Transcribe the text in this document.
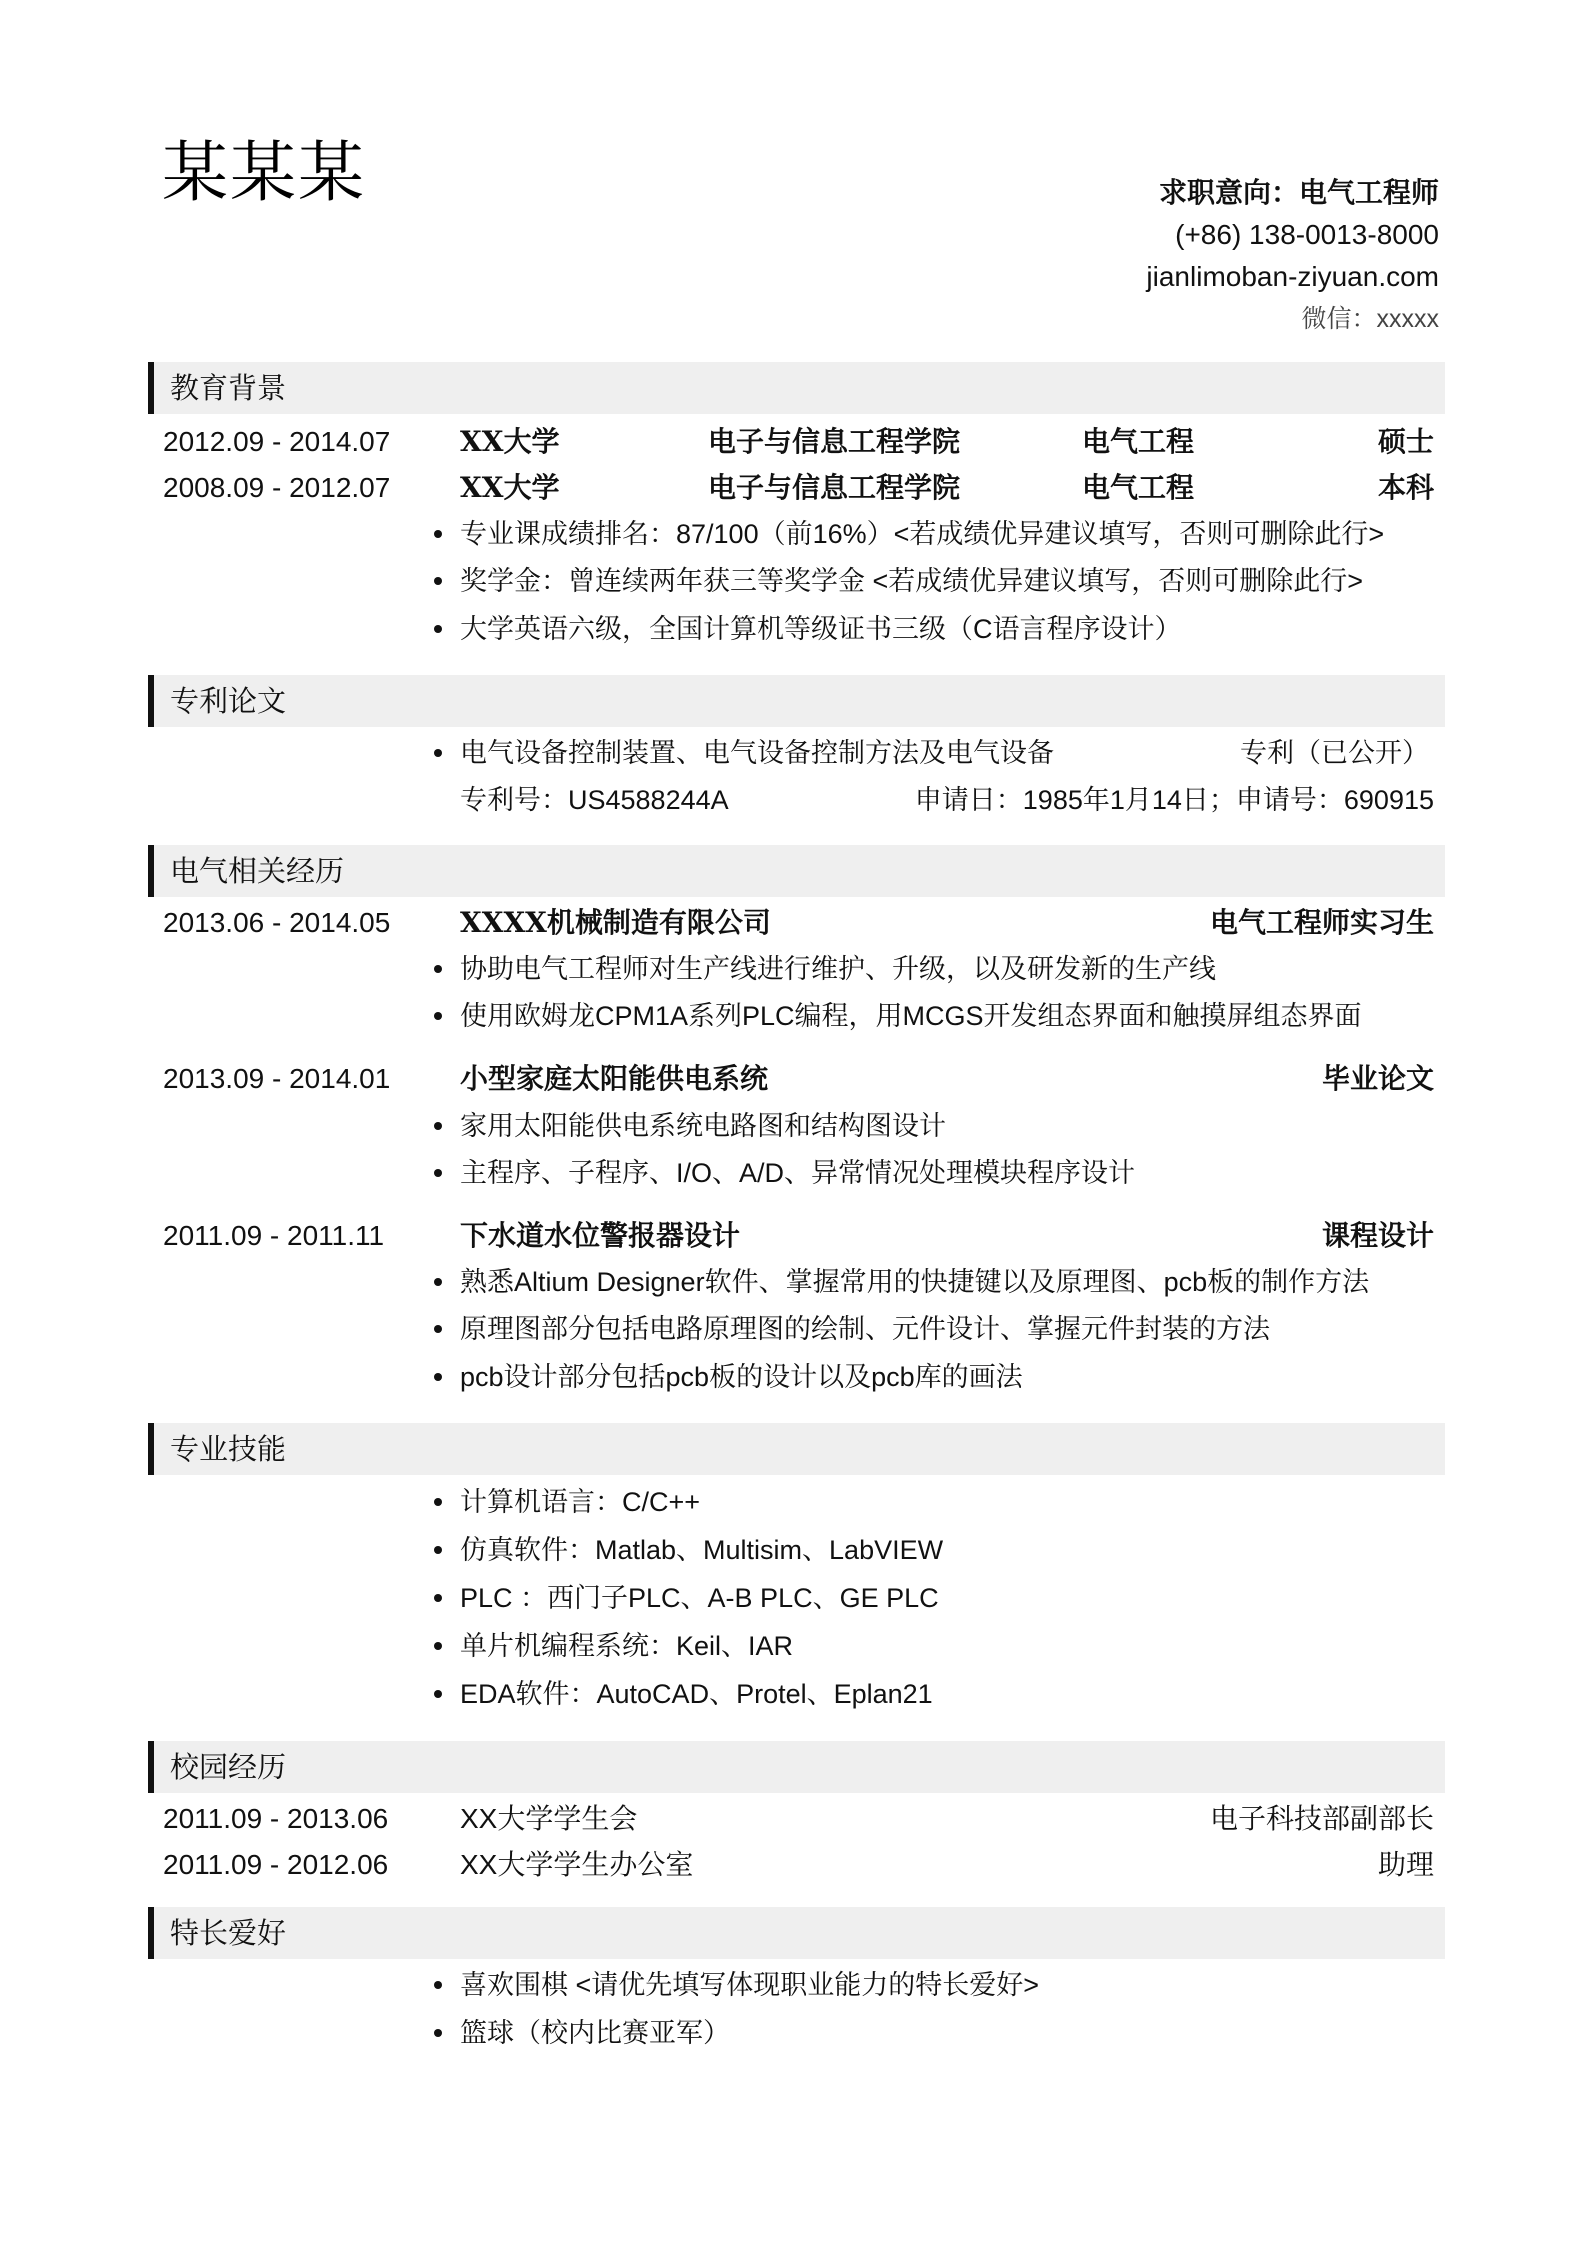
某某某	求职意向：电气工程师
(+86) 138-0013-8000
jianlimoban-ziyuan.com
微信：xxxxx
教育背景
2012.09 - 2014.07 XX大学	电子与信息工程学院	电气工程	硕士
2008.09 - 2012.07 XX大学	电子与信息工程学院	电气工程	本科
专业课成绩排名：87/100（前16%）<若成绩优异建议填写，否则可删除此行>
奖学金：曾连续两年获三等奖学金 <若成绩优异建议填写，否则可删除此行>
大学英语六级，全国计算机等级证书三级（C语言程序设计）
专利论文
电气设备控制装置、电气设备控制方法及电气设备	专利（已公开）
专利号：US4588244A	申请日：1985年1月14日；申请号：690915
电气相关经历
2013.06 - 2014.05 XXXX机械制造有限公司	电气工程师实习生
协助电气工程师对生产线进行维护、升级，以及研发新的生产线
使用欧姆龙CPM1A系列PLC编程，用MCGS开发组态界面和触摸屏组态界面
2013.09 - 2014.01 小型家庭太阳能供电系统	毕业论文
家用太阳能供电系统电路图和结构图设计
主程序、子程序、I/O、A/D、异常情况处理模块程序设计
2011.09 - 2011.11	下水道水位警报器设计	课程设计
熟悉Altium Designer软件、掌握常用的快捷键以及原理图、pcb板的制作方法
原理图部分包括电路原理图的绘制、元件设计、掌握元件封装的方法
pcb设计部分包括pcb板的设计以及pcb库的画法
专业技能
计算机语言：C/C++
仿真软件：Matlab、Multisim、LabVIEW
PLC ：西门子PLC、A-B PLC、GE PLC
单片机编程系统：Keil、IAR
EDA软件：AutoCAD、Protel、Eplan21
校园经历
2011.09 - 2013.06	XX大学学生会	电子科技部副部长
2011.09 - 2012.06	XX大学学生办公室	助理
特长爱好
喜欢围棋 <请优先填写体现职业能力的特长爱好>
篮球（校内比赛亚军）
